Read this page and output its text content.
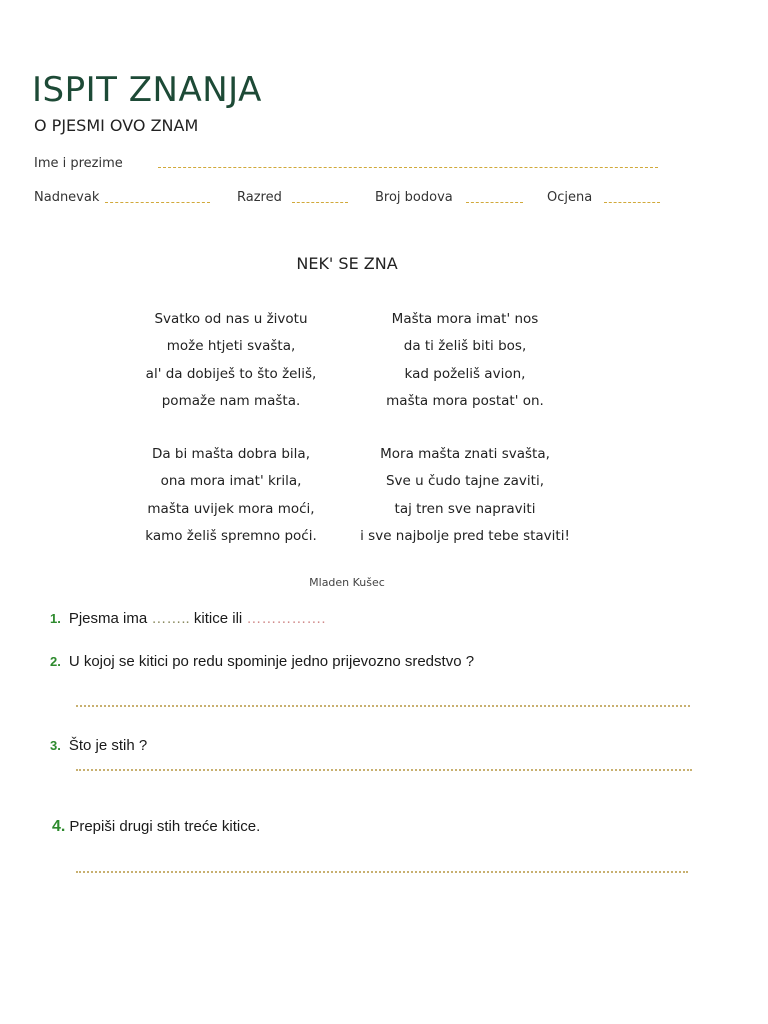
ISPIT ZNANJA
O PJESMI OVO ZNAM
Ime i prezime
Nadnevak	Razred	Broj bodova	Ocjena
NEK' SE ZNA
Svatko od nas u životu
može htjeti svašta,
al' da dobiješ to što želiš,
pomaže nam mašta.
Mašta mora imat' nos
da ti želiš biti bos,
kad poželiš avion,
mašta mora postat' on.
Da bi mašta dobra bila,
ona mora imat' krila,
mašta uvijek mora moći,
kamo želiš spremno poći.
Mora mašta znati svašta,
Sve u čudo tajne zaviti,
taj tren sve napraviti
i sve najbolje pred tebe staviti!
Mladen Kušec
1. Pjesma ima …….. kitice ili …………….
2. U kojoj se kitici po redu spominje jedno prijevozno sredstvo ?
3. Što je stih ?
4. Prepiši drugi stih treće kitice.
